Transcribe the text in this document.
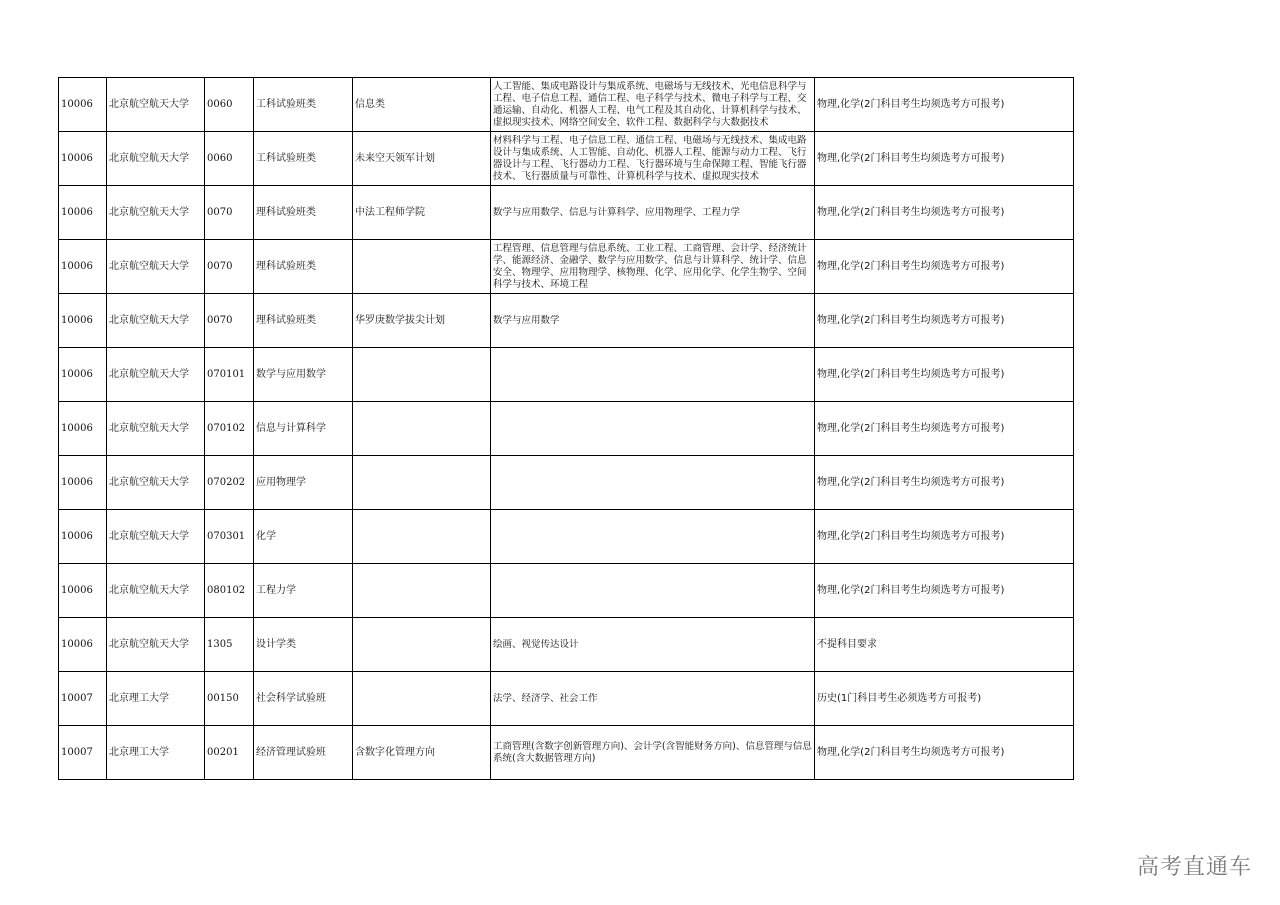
10006	北京航空航天大学	0060	工科试验班类	信息类	人工智能、集成电路设计与集成系统、电磁场与无线技术、光电信息科学与工程、电子信息工程、通信工程、电子科学与技术、微电子科学与工程、交通运输、自动化、机器人工程、电气工程及其自动化、计算机科学与技术、虚拟现实技术、网络空间安全、软件工程、数据科学与大数据技术	物理,化学(2门科目考生均须选考方可报考)
10006	北京航空航天大学	0060	工科试验班类	未来空天领军计划	材料科学与工程、电子信息工程、通信工程、电磁场与无线技术、集成电路设计与集成系统、人工智能、自动化、机器人工程、能源与动力工程、飞行器设计与工程、飞行器动力工程、飞行器环境与生命保障工程、智能飞行器技术、飞行器质量与可靠性、计算机科学与技术、虚拟现实技术	物理,化学(2门科目考生均须选考方可报考)
10006	北京航空航天大学	0070	理科试验班类	中法工程师学院	数学与应用数学、信息与计算科学、应用物理学、工程力学	物理,化学(2门科目考生均须选考方可报考)
10006	北京航空航天大学	0070	理科试验班类		工程管理、信息管理与信息系统、工业工程、工商管理、会计学、经济统计学、能源经济、金融学、数学与应用数学、信息与计算科学、统计学、信息安全、物理学、应用物理学、核物理、化学、应用化学、化学生物学、空间科学与技术、环境工程	物理,化学(2门科目考生均须选考方可报考)
10006	北京航空航天大学	0070	理科试验班类	华罗庚数学拔尖计划	数学与应用数学	物理,化学(2门科目考生均须选考方可报考)
10006	北京航空航天大学	070101	数学与应用数学			物理,化学(2门科目考生均须选考方可报考)
10006	北京航空航天大学	070102	信息与计算科学			物理,化学(2门科目考生均须选考方可报考)
10006	北京航空航天大学	070202	应用物理学			物理,化学(2门科目考生均须选考方可报考)
10006	北京航空航天大学	070301	化学			物理,化学(2门科目考生均须选考方可报考)
10006	北京航空航天大学	080102	工程力学			物理,化学(2门科目考生均须选考方可报考)
10006	北京航空航天大学	1305	设计学类		绘画、视觉传达设计	不提科目要求
10007	北京理工大学	00150	社会科学试验班		法学、经济学、社会工作	历史(1门科目考生必须选考方可报考)
10007	北京理工大学	00201	经济管理试验班	含数字化管理方向	工商管理(含数字创新管理方向)、会计学(含智能财务方向)、信息管理与信息系统(含大数据管理方向)	物理,化学(2门科目考生均须选考方可报考)
高考直通车
